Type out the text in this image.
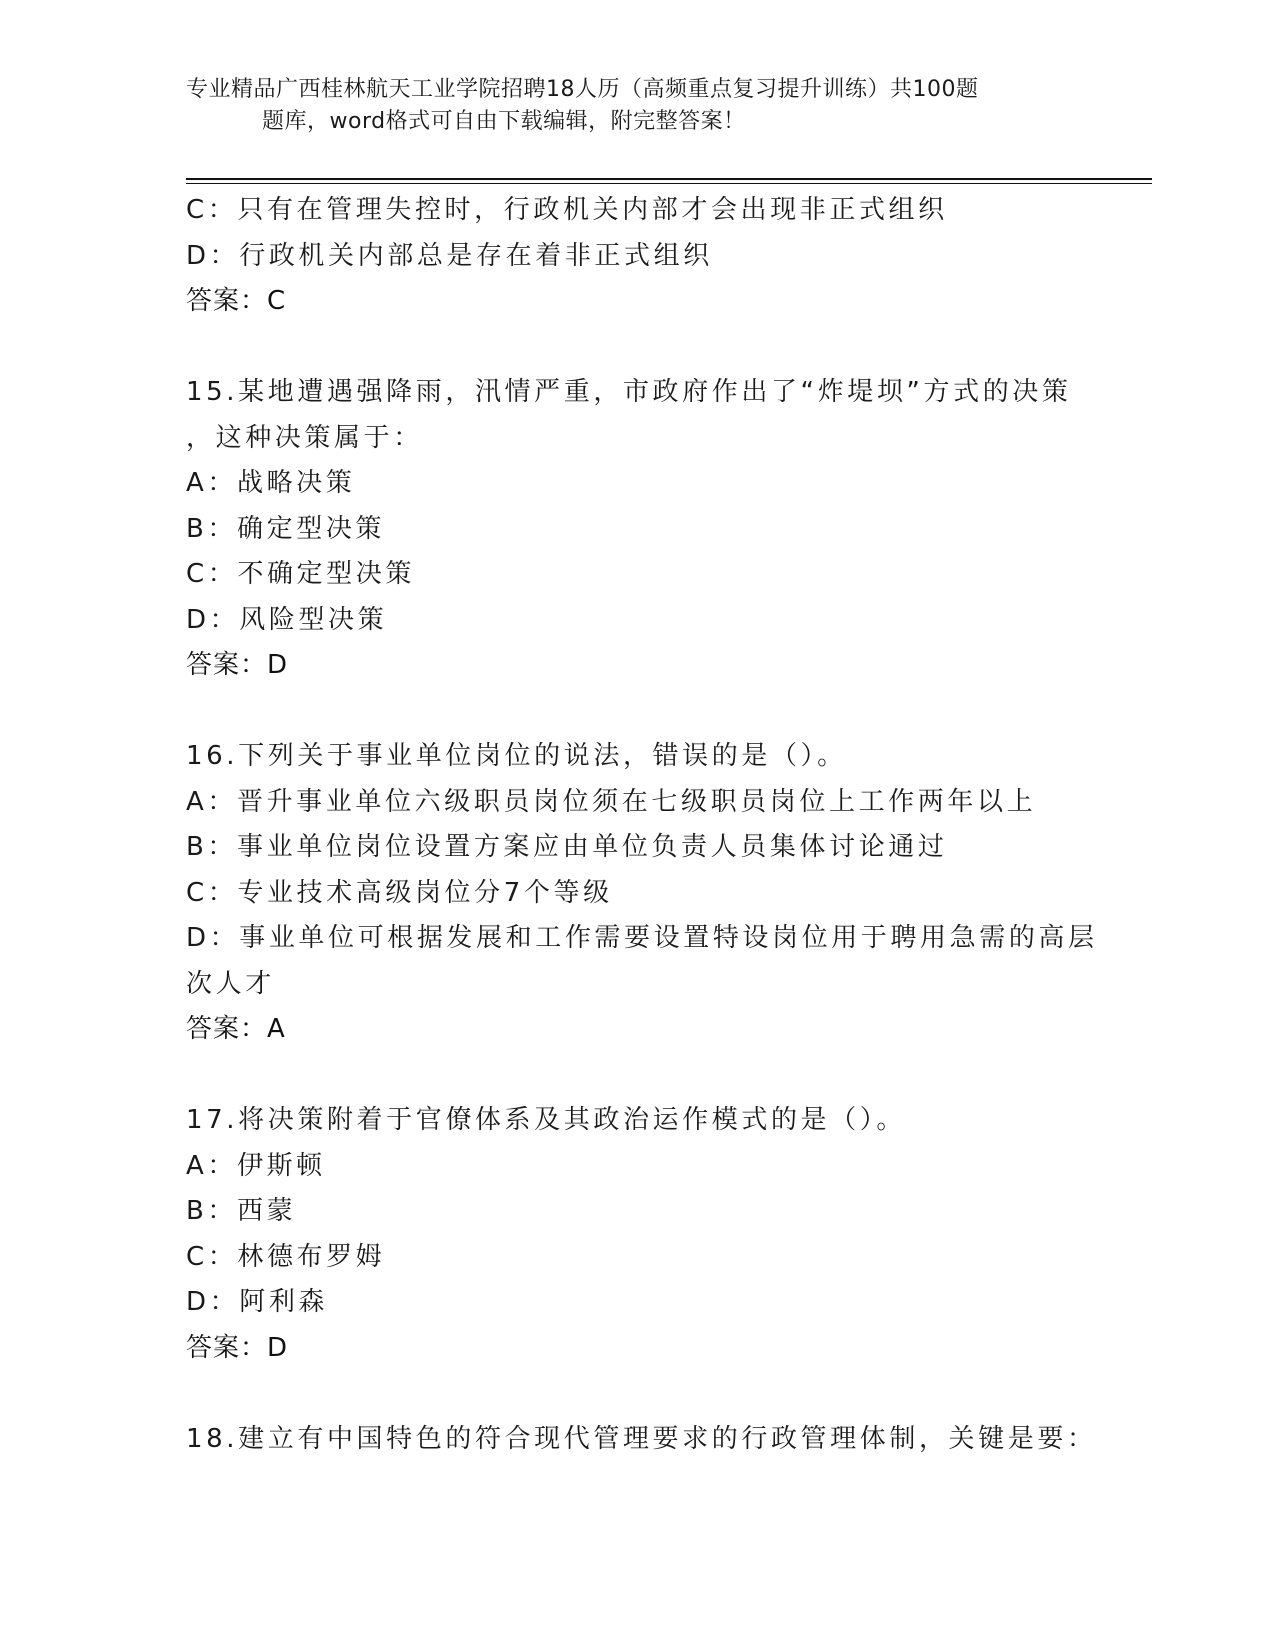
专业精品广西桂林航天工业学院招聘18人历（高频重点复习提升训练）共100题
题库，word格式可自由下载编辑，附完整答案！
C：只有在管理失控时，行政机关内部才会出现非正式组织
D：行政机关内部总是存在着非正式组织
答案：C
15.某地遭遇强降雨，汛情严重，市政府作出了“炸堤坝”方式的决策
，这种决策属于：
A：战略决策
B：确定型决策
C：不确定型决策
D：风险型决策
答案：D
16.下列关于事业单位岗位的说法，错误的是（）。
A：晋升事业单位六级职员岗位须在七级职员岗位上工作两年以上
B：事业单位岗位设置方案应由单位负责人员集体讨论通过
C：专业技术高级岗位分7个等级
D：事业单位可根据发展和工作需要设置特设岗位用于聘用急需的高层
次人才
答案：A
17.将决策附着于官僚体系及其政治运作模式的是（）。
A：伊斯顿
B：西蒙
C：林德布罗姆
D：阿利森
答案：D
18.建立有中国特色的符合现代管理要求的行政管理体制，关键是要：
